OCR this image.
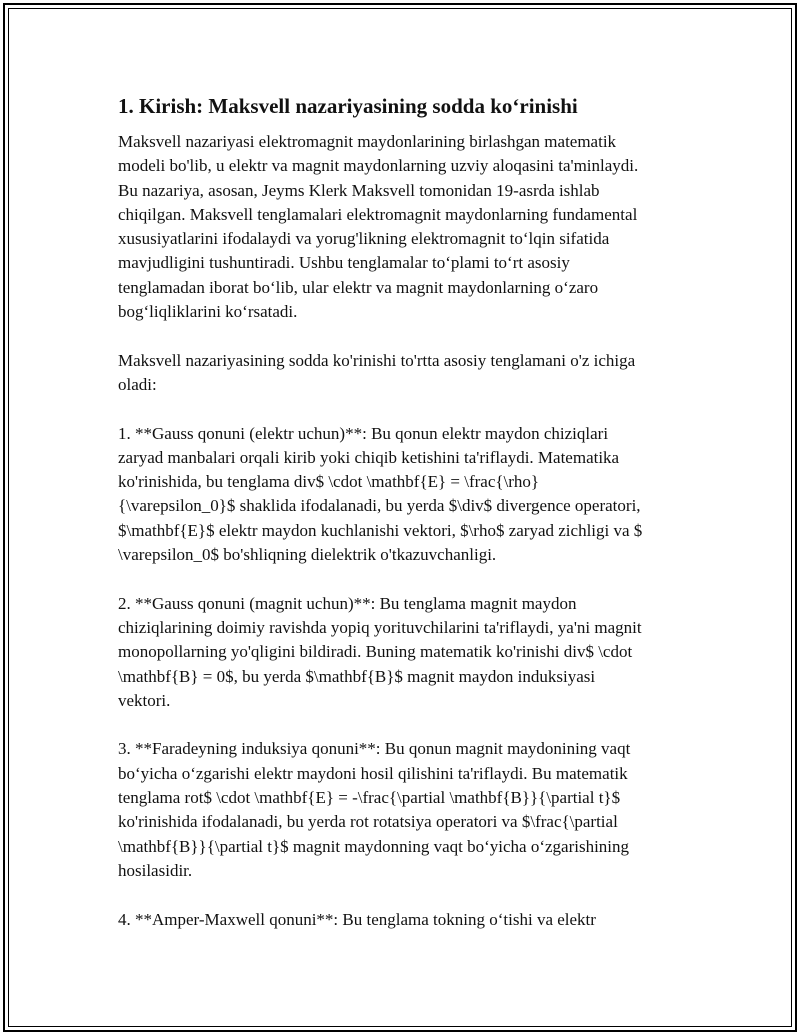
1. Kirish: Maksvell nazariyasining sodda ko‘rinishi

Maksvell nazariyasi elektromagnit maydonlarining birlashgan matematik
modeli bo'lib, u elektr va magnit maydonlarning uzviy aloqasini ta'minlaydi.
Bu nazariya, asosan, Jeyms Klerk Maksvell tomonidan 19-asrda ishlab
chiqilgan. Maksvell tenglamalari elektromagnit maydonlarning fundamental
xususiyatlarini ifodalaydi va yorug'likning elektromagnit to‘lqin sifatida
mavjudligini tushuntiradi. Ushbu tenglamalar to‘plami to‘rt asosiy
tenglamadan iborat bo‘lib, ular elektr va magnit maydonlarning o‘zaro
bog‘liqliklarini ko‘rsatadi.

Maksvell nazariyasining sodda ko'rinishi to'rtta asosiy tenglamani o'z ichiga
oladi:

1. **Gauss qonuni (elektr uchun)**: Bu qonun elektr maydon chiziqlari
zaryad manbalari orqali kirib yoki chiqib ketishini ta'riflaydi. Matematika
ko'rinishida, bu tenglama div$ \cdot \mathbf{E} = \frac{\rho}
{\varepsilon_0}$ shaklida ifodalanadi, bu yerda $\div$ divergence operatori,
$\mathbf{E}$ elektr maydon kuchlanishi vektori, $\rho$ zaryad zichligi va $
\varepsilon_0$ bo'shliqning dielektrik o'tkazuvchanligi.

2. **Gauss qonuni (magnit uchun)**: Bu tenglama magnit maydon
chiziqlarining doimiy ravishda yopiq yorituvchilarini ta'riflaydi, ya'ni magnit
monopollarning yo'qligini bildiradi. Buning matematik ko'rinishi div$ \cdot
\mathbf{B} = 0$, bu yerda $\mathbf{B}$ magnit maydon induksiyasi
vektori.

3. **Faradeyning induksiya qonuni**: Bu qonun magnit maydonining vaqt
bo‘yicha o‘zgarishi elektr maydoni hosil qilishini ta'riflaydi. Bu matematik
tenglama rot$ \cdot \mathbf{E} = -\frac{\partial \mathbf{B}}{\partial t}$
ko'rinishida ifodalanadi, bu yerda rot rotatsiya operatori va $\frac{\partial
\mathbf{B}}{\partial t}$ magnit maydonning vaqt bo‘yicha o‘zgarishining
hosilasidir.

4. **Amper-Maxwell qonuni**: Bu tenglama tokning o‘tishi va elektr
